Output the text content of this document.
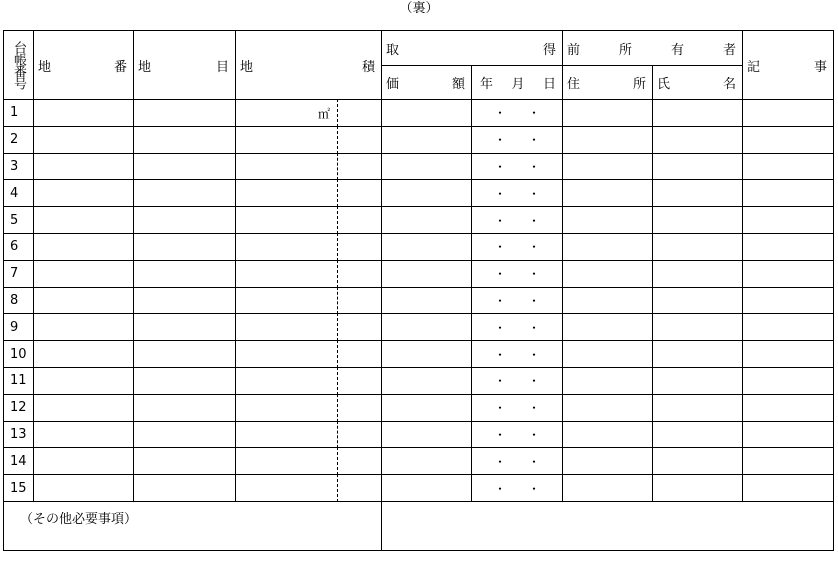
（裏）
台帳番号	地 番	地 目	地 積	取 得		前 所 有 者		記 事

				価 額	年 月 日	住 所	氏 名	

1			㎡		・ ・			

2					・ ・			

3					・ ・			

4					・ ・			

5					・ ・			

6					・ ・			

7					・ ・			

8					・ ・			

9					・ ・			

10					・ ・			

11					・ ・			

12					・ ・			

13					・ ・			

14					・ ・			

15					・ ・			

（その他必要事項）								
